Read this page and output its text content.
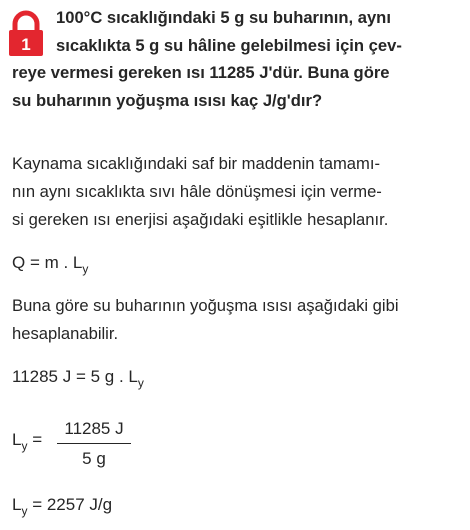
1
100°C sıcaklığındaki 5 g su buharının, aynı
sıcaklıkta 5 g su hâline gelebilmesi için çev-
reye vermesi gereken ısı 11285 J'dür. Buna göre
su buharının yoğuşma ısısı kaç J/g'dır?
Kaynama sıcaklığındaki saf bir maddenin tamamı-
nın aynı sıcaklıkta sıvı hâle dönüşmesi için verme-
si gereken ısı enerjisi aşağıdaki eşitlikle hesaplanır.
Q = m . $L_y$
Buna göre su buharının yoğuşma ısısı aşağıdaki gibi
hesaplanabilir.
11285 J = 5 g . $L_y$
$L_y$ =
11285 J
5 g
$L_y = 2257$ J/g
